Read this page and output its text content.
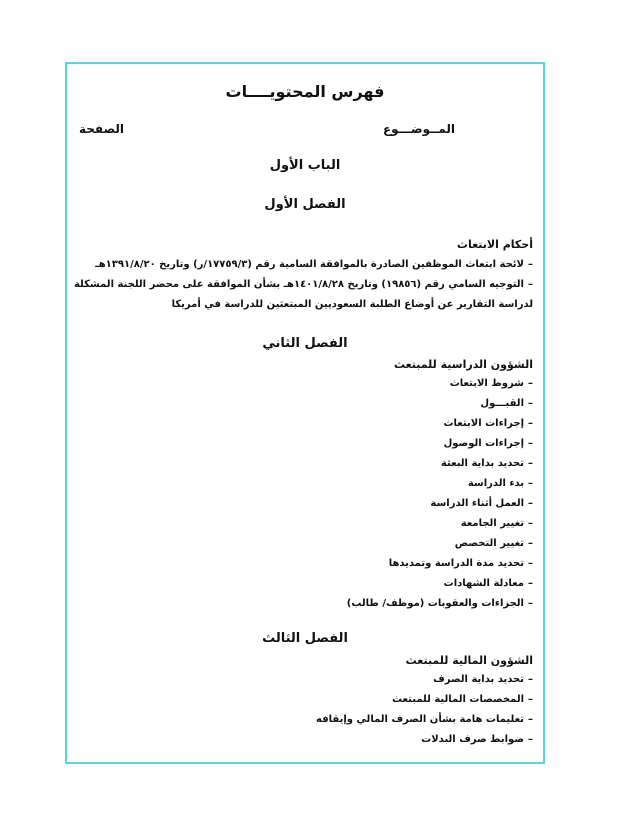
فهرس المحتويــــات
المــوضـــوع
الصفحة
الباب الأول
الفصل الأول
أحكام الابتعاث
–لائحة ابتعاث الموظفين الصادرة بالموافقة السامية رقم (١٧٧٥٩/٣/ر) وتاريخ ١٣٩١/٨/٢٠هـ
–التوجيه السامي رقم (١٩٨٥٦) وتاريخ ١٤٠١/٨/٢٨هـ بشأن الموافقة على محضر اللجنة المشكلة
لدراسة التقارير عن أوضاع الطلبة السعوديين المبتعثين للدراسة في أمريكا
الفصل الثاني
الشؤون الدراسية للمبتعث
–شروط الابتعاث
–القبـــول
–إجراءات الابتعاث
–إجراءات الوصول
–تحديد بداية البعثة
–بدء الدراسة
–العمل أثناء الدراسة
–تغيير الجامعة
–تغيير التخصص
–تحديد مدة الدراسة وتمديدها
–معادلة الشهادات
–الجزاءات والعقوبات (موظف/ طالب)
الفصل الثالث
الشؤون المالية للمبتعث
–تحديد بداية الصرف
–المخصصات المالية للمبتعث
–تعليمات هامة بشأن الصرف المالي وإيقافه
–ضوابط صرف البدلات
